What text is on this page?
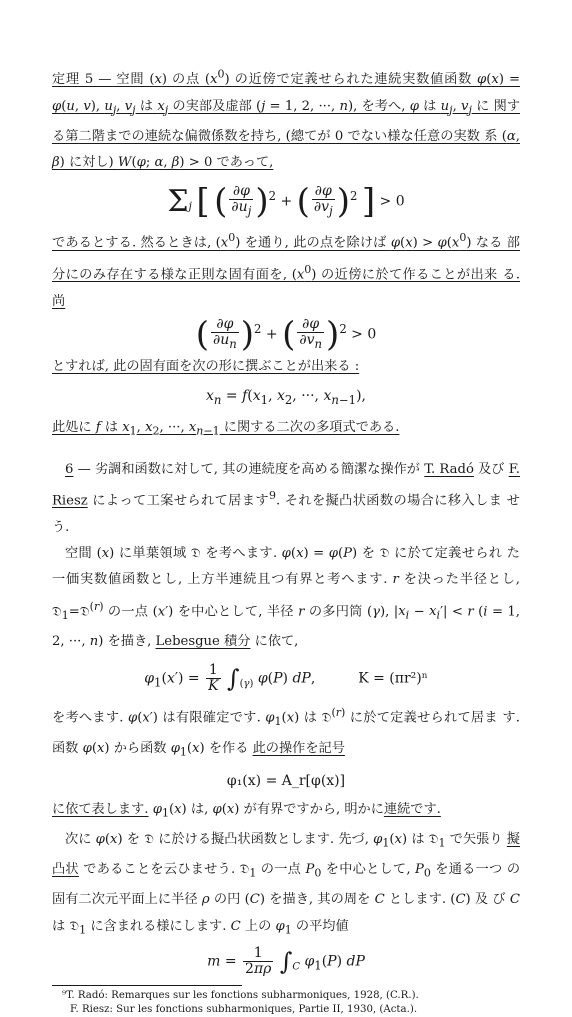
定理 5 — 空間 (x) の点 $(x^0)$ の近傍で定義せられた連続実数値函数 φ(x) = φ(u, v), $u_j$, $v_j$ は $x_j$ の実部及虚部 (j = 1, 2, ···, n), を考へ, φ は $u_j$, $v_j$ に 関する第二階までの連続な偏微係数を持ち, (總てが 0 でない様な任意の実数 系 (α, β) に対し) W(φ; α, β) > 0 であって,

$\Sigma_j$ [ ( $\frac{\partial\varphi}{\partial u_j} )^2$ + ( $\frac{\partial\varphi}{\partial v_j} )^2$ ] > 0

であるとする. 然るときは, $(x^0)$ を通り, 此の点を除けば $\varphi(x) > \varphi(x^0)$ なる 部分にのみ存在する様な正則な固有面を, $(x^0)$ の近傍に於て作ることが出来 る. 尚

( $\frac{\partial\varphi}{\partial u_n} )^2$ + ( $\frac{\partial\varphi}{\partial v_n} )^2 > 0$

とすれば, 此の固有面を次の形に撰ぶことが出来る :

$x_n = f(x_1$, $x_2$, ···, $x_{n-1}$),

此処に f は $x_1$, $x_2$, ···, $x_{n-1}$ に関する二次の多項式である.

6 — 劣調和函数に対して, 其の連続度を高める簡潔な操作が T. Radó 及び F. Riesz によって工案せられて居ます$^9$. それを擬凸状函数の場合に移入しま せう.

空間 (x) に単葉領域 𝔇 を考へます. φ(x) = φ(P) を 𝔇 に於て定義せられ た一価実数値函数とし, 上方半連続且つ有界と考へます. r を決った半径とし, 𝔇$_1$=𝔇$^{(r)}$ の一点 (x′) を中心として, 半径 r の多円筒 (γ), $|x_i - x_i'| < r$ (i = 1, 2, ···, n) を描き, Lebesgue 積分 に依て,

$\varphi_1(x') = \frac{1}{K} \int_{(\gamma)}$ φ(P) dP,	K = (πr²)ⁿ

を考へます. φ(x′) は有限確定です. $\varphi_1(x)$ は 𝔇$^{(r)}$ に於て定義せられて居ま す. 函数 φ(x) から函数 $\varphi_1(x)$ を作る 此の操作を記号

φ₁(x) = A_r[φ(x)]

に依て表します. $\varphi_1(x)$ は, φ(x) が有界ですから, 明かに連続です.

次に φ(x) を 𝔇 に於ける擬凸状函数とします. 先づ, $\varphi_1(x)$ は 𝔇$_1$ で矢張り 擬凸状 であることを云ひませう. 𝔇$_1$ の一点 $P_0$ を中心として, $P_0$ を通る一つ の固有二次元平面上に半径 ρ の円 (C) を描き, 其の周を C とします. (C) 及 び C は 𝔇$_1$ に含まれる様にします. C 上の $\varphi_1$ の平均値

$m = \frac{1}{2\pi\rho} \int_C$ $\varphi_1(P)$ dP

⁹T. Radó: Remarques sur les fonctions subharmoniques, 1928, (C.R.).

F. Riesz: Sur les fonctions subharmoniques, Partie II, 1930, (Acta.).
